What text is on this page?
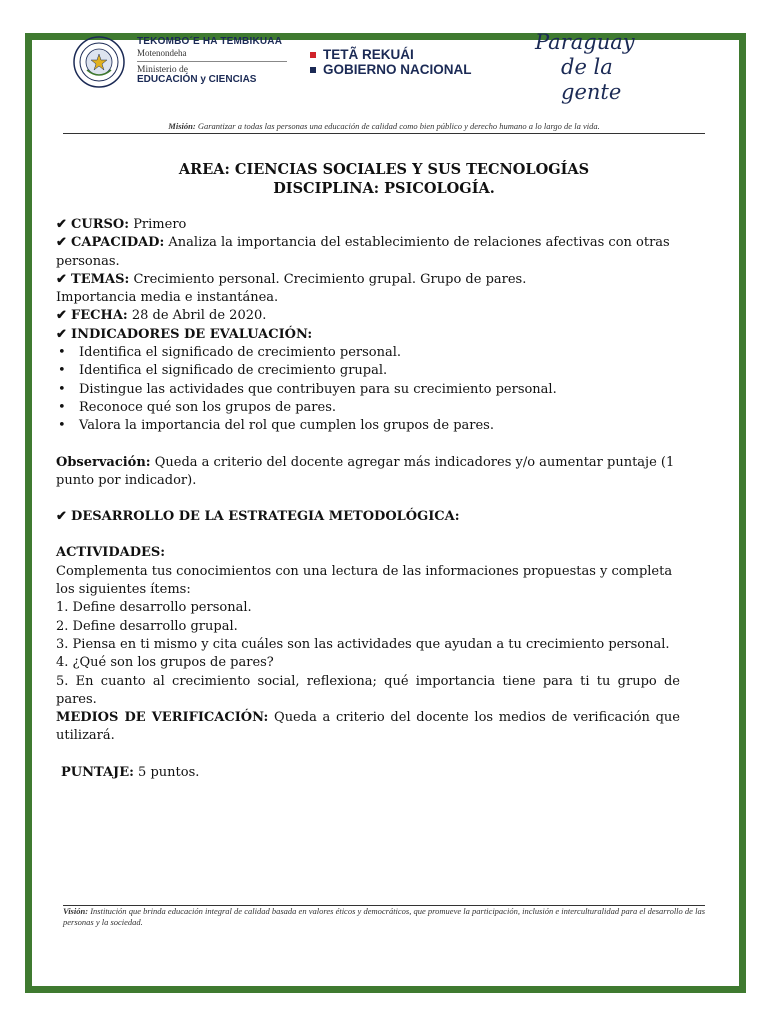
TEKOMBO´E HA TEMBIKUAA
Motenondeha
Ministerio de
EDUCACIÓN y CIENCIAS
TETÃ REKUÁI
GOBIERNO NACIONAL
Paraguay
de la gente
Misión: Garantizar a todas las personas una educación de calidad como bien público y derecho humano a lo largo de la vida.
AREA: CIENCIAS SOCIALES Y SUS TECNOLOGÍAS
DISCIPLINA: PSICOLOGÍA.

✔ CURSO: Primero

✔ CAPACIDAD: Analiza la importancia del establecimiento de relaciones afectivas con otras personas.

✔ TEMAS: Crecimiento personal. Crecimiento grupal. Grupo de pares.

Importancia media e instantánea.

✔ FECHA: 28 de Abril de 2020.

✔ INDICADORES DE EVALUACIÓN:

• Identifica el significado de crecimiento personal.
• Identifica el significado de crecimiento grupal.
• Distingue las actividades que contribuyen para su crecimiento personal.
• Reconoce qué son los grupos de pares.
• Valora la importancia del rol que cumplen los grupos de pares.

Observación: Queda a criterio del docente agregar más indicadores y/o aumentar puntaje (1 punto por indicador).

✔ DESARROLLO DE LA ESTRATEGIA METODOLÓGICA:

ACTIVIDADES:

Complementa tus conocimientos con una lectura de las informaciones propuestas y completa los siguientes ítems:

1. Define desarrollo personal.

2. Define desarrollo grupal.

3. Piensa en ti mismo y cita cuáles son las actividades que ayudan a tu crecimiento personal.

4. ¿Qué son los grupos de pares?

5. En cuanto al crecimiento social, reflexiona; qué importancia tiene para ti tu grupo de pares.

MEDIOS DE VERIFICACIÓN: Queda a criterio del docente los medios de verificación que utilizará.

PUNTAJE: 5 puntos.

Visión: Institución que brinda educación integral de calidad basada en valores éticos y democráticos, que promueve la participación, inclusión e interculturalidad para el desarrollo de las personas y la sociedad.
